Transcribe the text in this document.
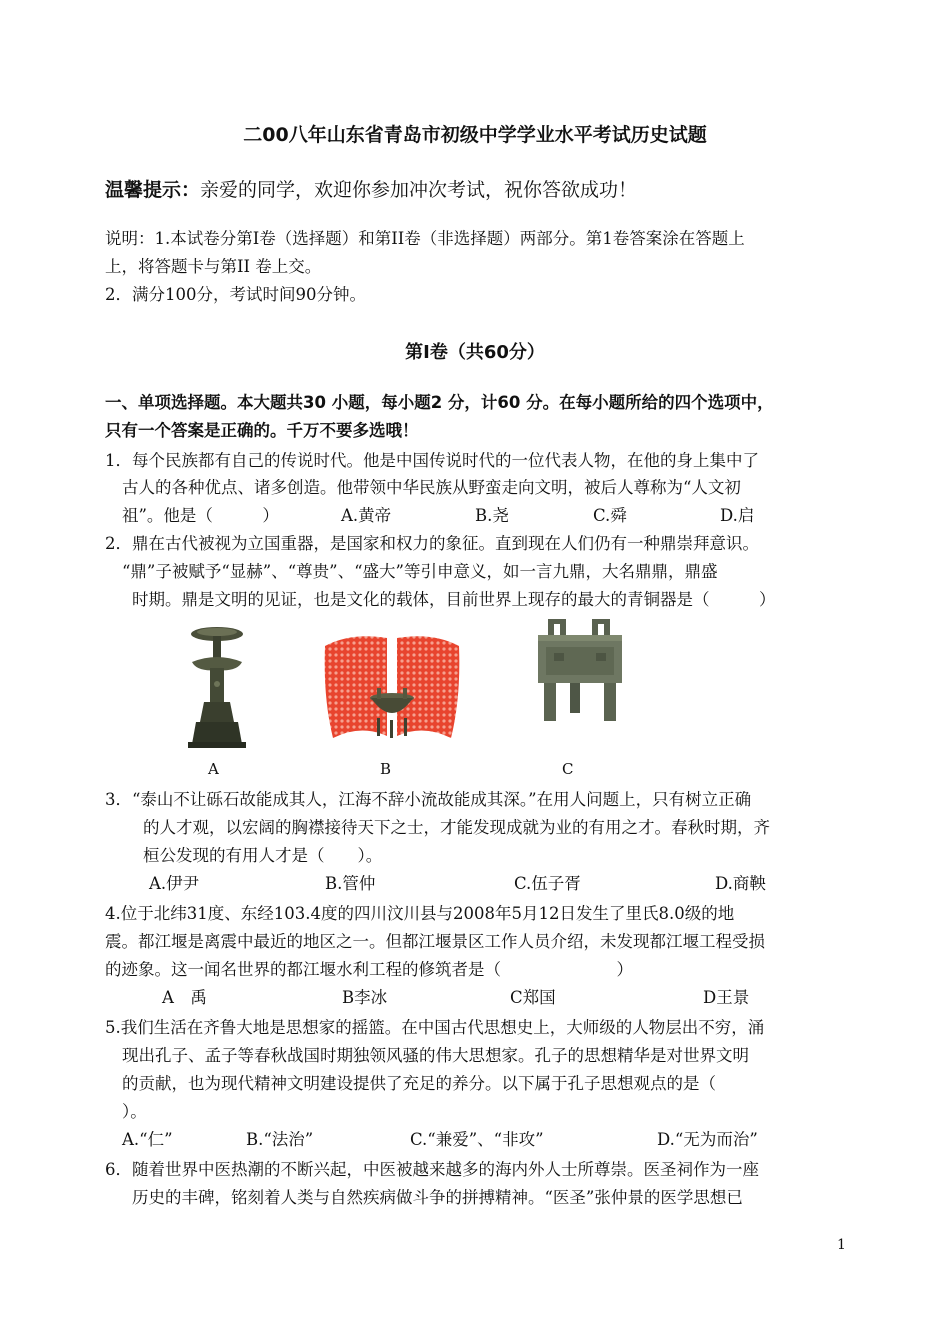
二00八年山东省青岛市初级中学学业水平考试历史试题
温馨提示：亲爱的同学，欢迎你参加冲次考试，祝你答欲成功！
说明：1.本试卷分第Ⅰ卷（选择题）和第II卷（非选择题）两部分。第1卷答案涂在答题上
上，将答题卡与第II 卷上交。
2．满分100分，考试时间90分钟。
第Ⅰ卷（共60分）
一、单项选择题。本大题共30 小题，每小题2 分，计60 分。在每小题所给的四个选项中，
只有一个答案是正确的。千万不要多选哦！
1．每个民族都有自己的传说时代。他是中国传说时代的一位代表人物，在他的身上集中了
古人的各种优点、诸多创造。他带领中华民族从野蛮走向文明，被后人尊称为“人文初
祖”。他是（　　　）	A.黄帝	B.尧	C.舜	D.启
2．鼎在古代被视为立国重器，是国家和权力的象征。直到现在人们仍有一种鼎崇拜意识。
“鼎”子被赋予“显赫”、“尊贵”、“盛大”等引申意义，如一言九鼎，大名鼎鼎，鼎盛
时期。鼎是文明的见证，也是文化的载体，目前世界上现存的最大的青铜器是（　　　）
A	B	C
3．“泰山不让砾石故能成其人，江海不辞小流故能成其深。”在用人问题上，只有树立正确
的人才观，以宏阔的胸襟接待天下之士，才能发现成就为业的有用之才。春秋时期，齐
桓公发现的有用人才是（　　）。
A.伊尹	B.管仲	C.伍子胥	D.商鞅
4.位于北纬31度、东经103.4度的四川汶川县与2008年5月12日发生了里氏8.0级的地
震。都江堰是离震中最近的地区之一。但都江堰景区工作人员介绍，未发现都江堰工程受损
的迹象。这一闻名世界的都江堰水利工程的修筑者是（　　　　　　　）
A　禹	B李冰	C郑国	D王景
5.我们生活在齐鲁大地是思想家的摇篮。在中国古代思想史上，大师级的人物层出不穷，涌
现出孔子、孟子等春秋战国时期独领风骚的伟大思想家。孔子的思想精华是对世界文明
的贡献，也为现代精神文明建设提供了充足的养分。以下属于孔子思想观点的是（
）。
A.“仁”	B.“法治”	C.“兼爱”、“非攻”	D.“无为而治”
6．随着世界中医热潮的不断兴起，中医被越来越多的海内外人士所尊崇。医圣祠作为一座
历史的丰碑，铭刻着人类与自然疾病做斗争的拼搏精神。“医圣”张仲景的医学思想已
1
